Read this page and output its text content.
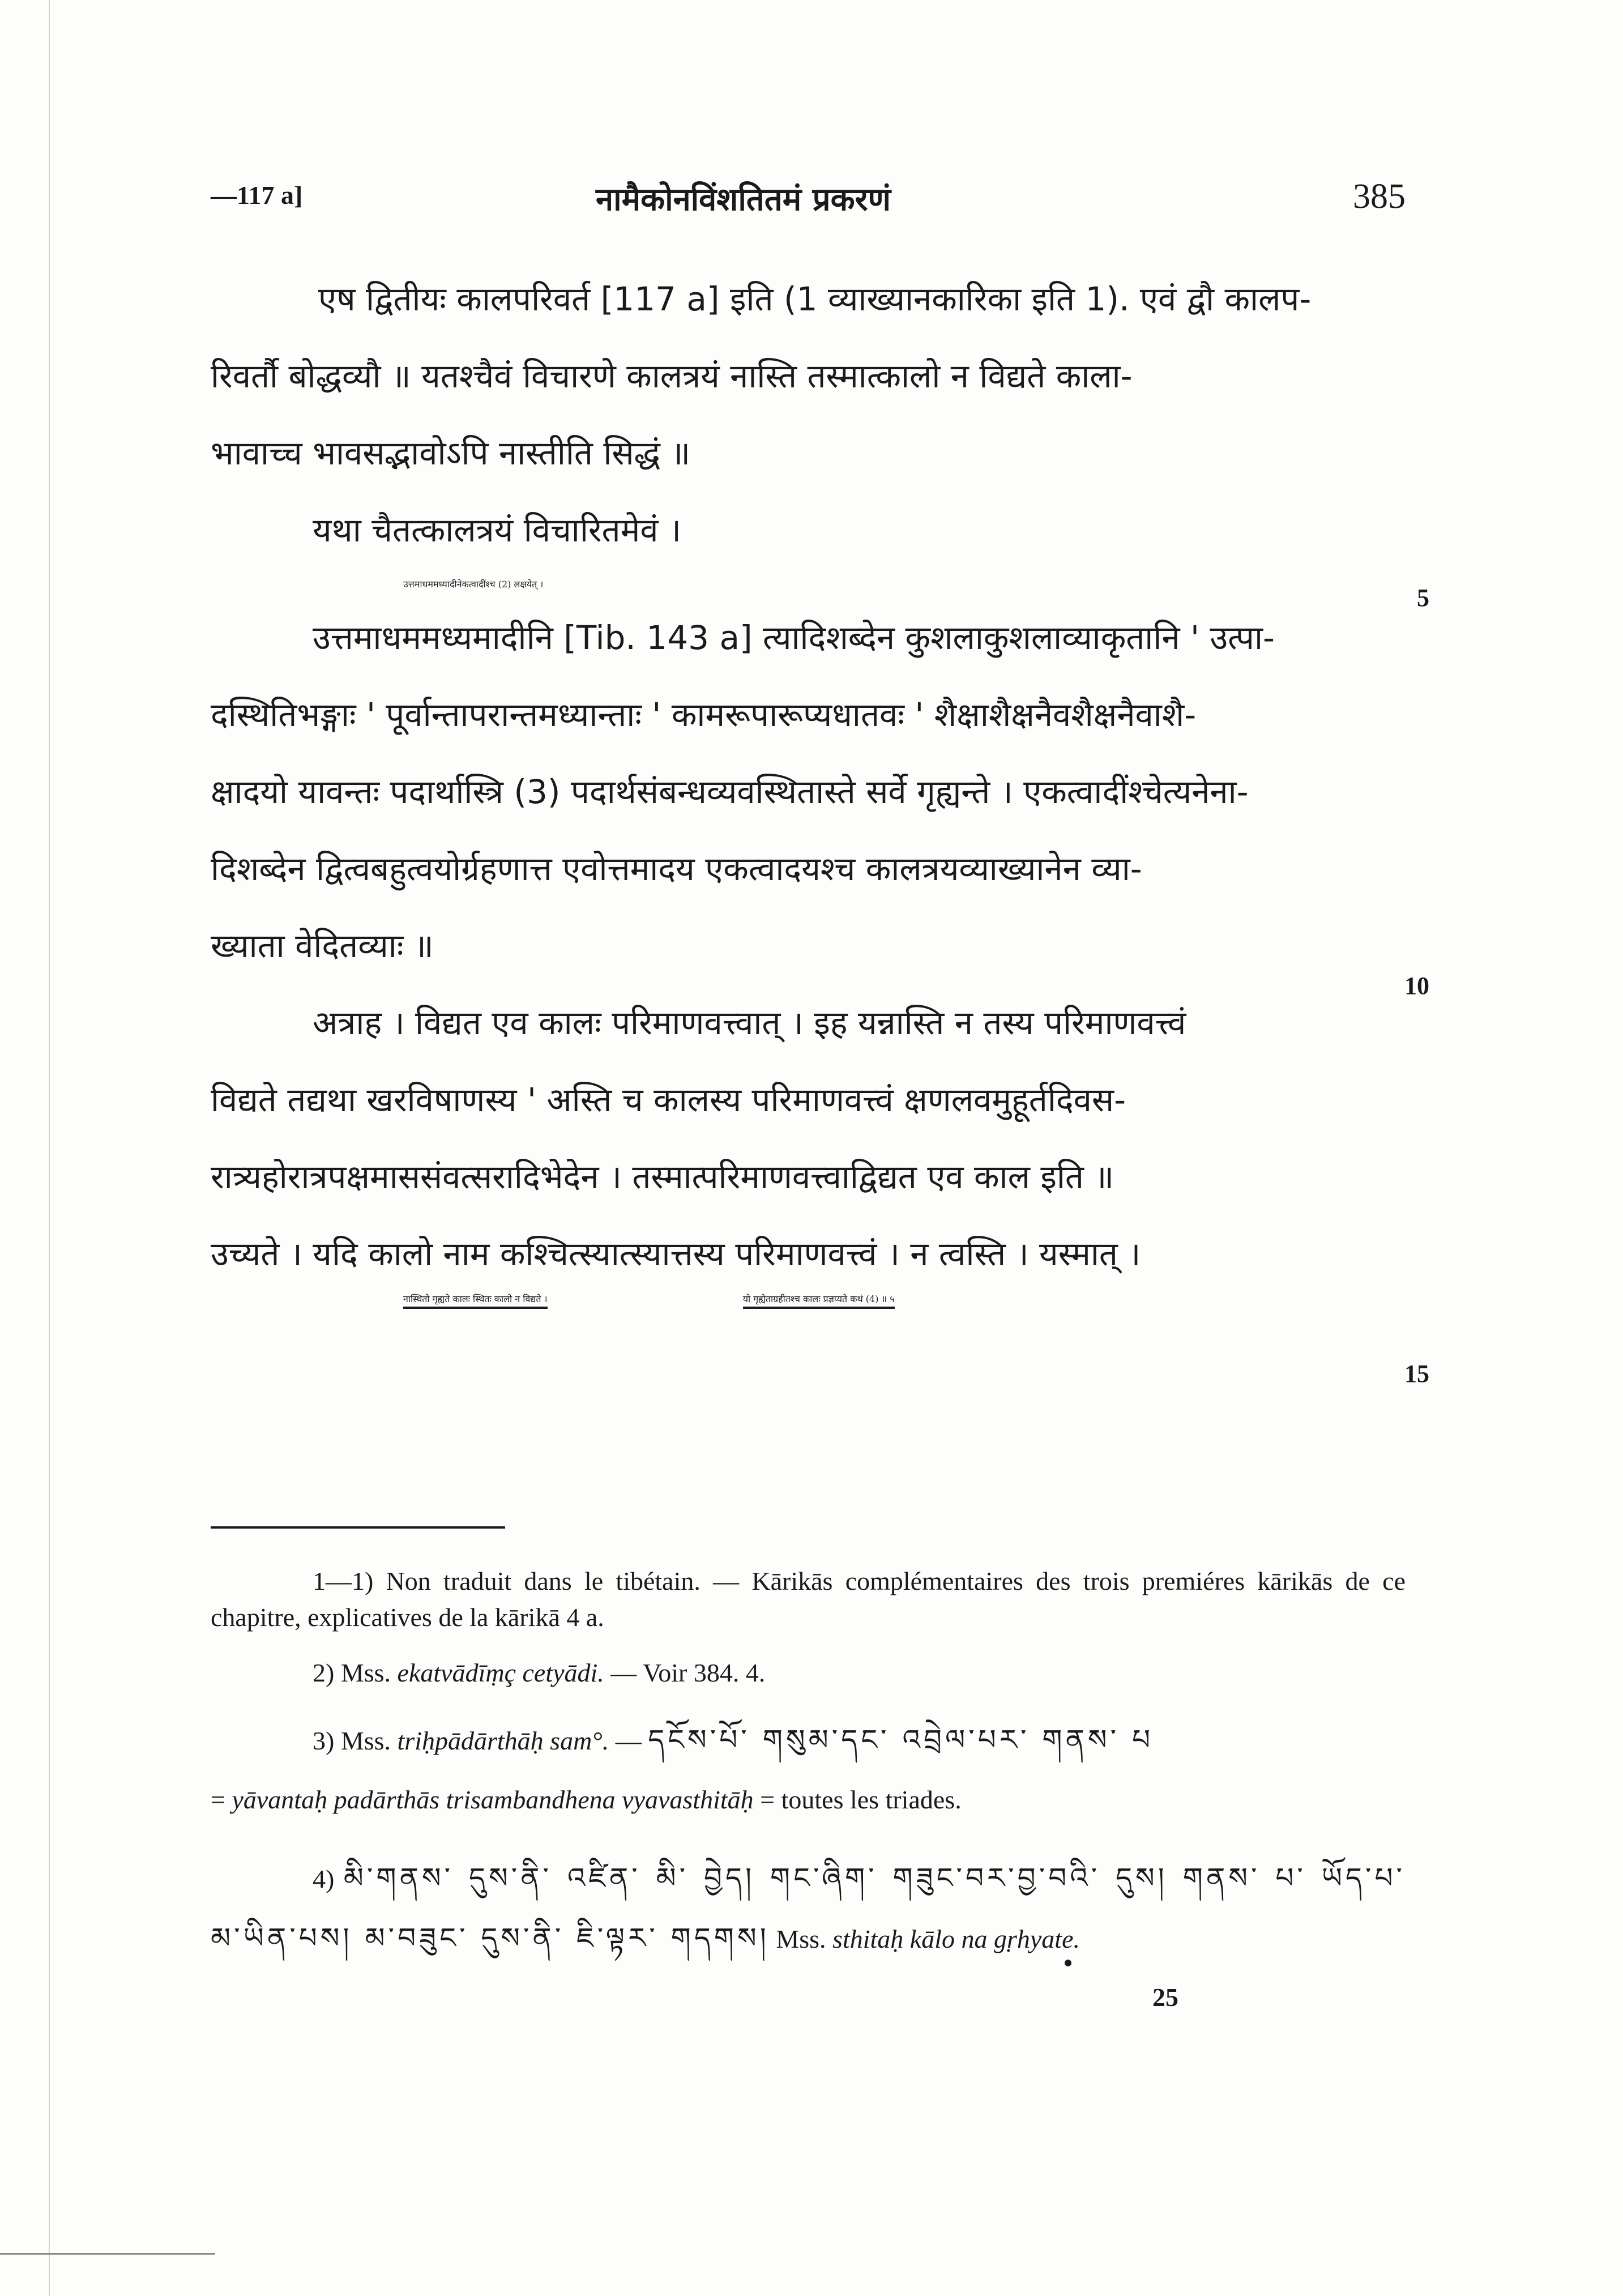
—117 a]	नामैकोनविंशतितमं प्रकरणं	385

एष द्वितीयः कालपरिवर्त [117 a] इति (1 व्याख्यानकारिका इति 1). एवं द्वौ कालप-

रिवर्तौ बोद्धव्यौ ॥ यतश्चैवं विचारणे कालत्रयं नास्ति तस्मात्कालो न विद्यते काला-

भावाच्च भावसद्भावोऽपि नास्तीति सिद्धं ॥

यथा चैतत्कालत्रयं विचारितमेवं ।

उत्तमाधममध्यादीनेकत्वादींश्च (2) लक्षयेत् ।

उत्तमाधममध्यमादीनि [Tib. 143 a] त्यादिशब्देन कुशलाकुशलाव्याकृतानि ' उत्पा-

दस्थितिभङ्गाः ' पूर्वान्तापरान्तमध्यान्ताः ' कामरूपारूप्यधातवः ' शैक्षाशैक्षनैवशैक्षनैवाशै-

क्षादयो यावन्तः पदार्थास्त्रि (3) पदार्थसंबन्धव्यवस्थितास्ते सर्वे गृह्यन्ते । एकत्वादींश्चेत्यनेना-

दिशब्देन द्वित्वबहुत्वयोर्ग्रहणात्त एवोत्तमादय एकत्वादयश्च कालत्रयव्याख्यानेन व्या-

ख्याता वेदितव्याः ॥

अत्राह । विद्यत एव कालः परिमाणवत्त्वात् । इह यन्नास्ति न तस्य परिमाणवत्त्वं

विद्यते तद्यथा खरविषाणस्य ' अस्ति च कालस्य परिमाणवत्त्वं क्षणलवमुहूर्तदिवस-

रात्र्यहोरात्रपक्षमाससंवत्सरादिभेदेन । तस्मात्परिमाणवत्त्वाद्विद्यत एव काल इति ॥

उच्यते । यदि कालो नाम कश्चित्स्यात्स्यात्तस्य परिमाणवत्त्वं । न त्वस्ति । यस्मात् ।

नास्थितो गृह्यते कालः स्थितः कालो न विद्यते ।

	यो गृह्येताग्रहीतश्च कालः प्रज्ञप्यते कथं (4) ॥ ५

5
10
15

1—1) Non traduit dans le tibétain. — Kārikās complémentaires des trois premiéres kārikās de ce chapitre, explicatives de la kārikā 4 a.

2) Mss. ekatvādīṃç cetyādi. — Voir 384. 4.

3) Mss. triḥpādārthāḥ sam°. — དངོས་པོ་ གསུམ་དང་ འབྲེལ་པར་ གནས་ པ
= yāvantaḥ padārthās trisambandhena vyavasthitāḥ = toutes les triades.

4) མི་གནས་ དུས་ནི་ འཛིན་ མི་ བྱེད། གང་ཞིག་ གཟུང་བར་བྱ་བའི་ དུས། གནས་ པ་ ཡོད་པ་ མ་ཡིན་པས། མ་བཟུང་ དུས་ནི་ ཇི་ལྟར་ གདགས། Mss. sthitaḥ kālo na gṛhyate.

25
